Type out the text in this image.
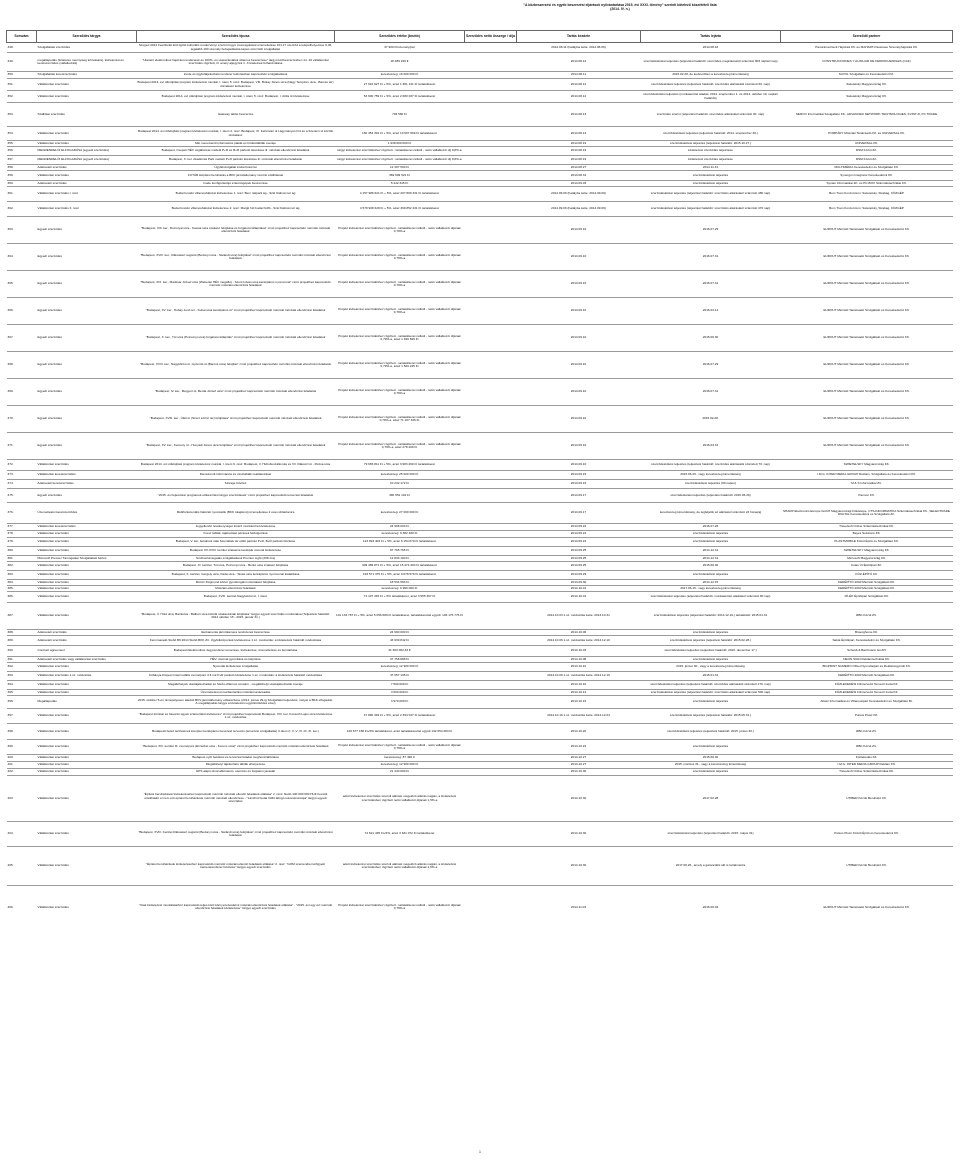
"A közbeszerzési és egyéb beszerzési eljárások nyilvántartása 2015. évi XXXI. törvény" szerinti kötelező közzétételi lista
(2014. IV. n.)
Sorszám	Szerződés tárgya	Szerződés típusa	Szerződés értéke (bruttó)	Szerződés nettó összege / díja	Tartás kezdete	Tartás lejárta	Szerződő partner
348.	Szolgáltatási szerződés	Szeged 2014 Feszttivált közrögtött kulturális rendezvényi szerinti fogyó csomagolások üzemeltetése 101,17 szerződ a telepelhelyezése 6,46, legalább 100 személy befogadására képes szerződő szolgáltatás	37 900 Ft/személy/pár		2014.08.11 (hatályba kelte: 2014.08.06)	2014.08.18	Panoráma Deck Hajózási Kft. és MAHART-Passnave Személyhajózási Kft.
349.	megállapodás (feltételes mennyiség lehívására), kivitelezési és keretszerződés (vállalkozási)	"Utastéri elektronikus hajózási rendszerek és 100% -os utasszámlálók villamos beszerzése" tárgyú közbeszerzésben 14 -16 vállalkozási szerződés rögzített, ill. amely aljegyzék 1 -3 tételeinek felhasználása	18 489 226 €		2014.08.12	szerződéskötési teljesítés (teljesítési határidő: szerződés megkötésétől számított 803 naptári nap)	CONSTRUCCIONES Y AUXILIAR DE FERROCARRILES (CAF)
350.	Szolgáltatási keretszerződés	Inode és ügyféltájékoztató rendszer tekintetében kapcsolódó szolgáltatások	keretösszeg: 16 000 000 Ft		2014.08.11	2015.02.28. de kedvezőtlen a keretösszeg kimerüléséig	M-POL Szolgáltató és Kereskedelmi Kft.
351.	Vállalkozási szerződés	Budapest 2014. évi útfelújítási program kivitelezési munkái, I. ütem 5. rész: Budapest, VIII. Bókay János utca (Nagy Templom utca - Baross tér) útszakasz kivitelezése	27 622 627 Ft + 5%, azaz 1 381 131 Ft tartalékkeret		2014.08.12	szerződéskötési teljesítés (teljesítési határidő: szerződés aláírásától számított 60. nap)	Swietelsky Magyarország Kft.
352.	Vállalkozási szerződés	Budapest 2014. évi útfelújítási program kivitelezési munkái, I. ütem 5. rész: Budapest, I. Attila út kivitelezése	53 600 759 Ft + 5%, azaz 2 680 037 Ft tartalékkeret		2014.08.12	szerződéskötési teljesítés (munkaterület átadás: 2014. szeptember 1. és 2014. október 10. naptári határidő)	Swietelsky Magyarország Kft.
353.	Szállítási szerződés	Gateway tablet beszerzés	793 560 Ft		2014.08.13	szerződés szerint (teljesítési határidő: szerződés aláírásától számított 30. nap)	SERCO Informatikai Szolgáltató Kft., ADVANCED NETWORK TECHNOLOGIES, KVINT-R, PC TRADE
354.	Vállalkozási szerződés	Budapest 2014. évi útfelújítási program kivitelezési munkái, I. ütem 2. rész: Budapest, XI. Fehérvári út Lágymányos híd és a Szerémi út közötti útszakasz	150 353 391 Ft + 5%, azaz 10 507 669 Ft tartalékkeret		2014.08.13	szerződéskötési teljesítés (teljesítési határidő: 2014. szeptember 30.)	POMPÁRY Műszaki Tanácsadó Kft. és UNIVERSAL Kft.
355.	Vállalkozási szerződés	Mét menetrendi információs plakát és hirdetőtáblák cseréje	1 938 000 000 Ft		2014.08.19	szerződéskötési teljesítés (teljesítési határidő: 2015.10.27.)	UNIVERSAL Kft.
356.	MEGRENDELŐI ELFOGADÁSA (egyedi szerződés)	Budapest, Csepeli HÉV végállomás melletti P+R és B+R parkoló létesítése ill. műszaki ellenőrzési feladatok	tárgyi kivitelezési szerződéshez rögzített - tartalékkeret nélküli - nettó vállalkozói díj 0,8%-a		2014.08.19	kivitelezési szerződés teljesítése	RSM Közút Zrt.
357.	MEGRENDELŐI ELFOGADÁSA (egyedi szerződés)	Budapest, X. ker. Akadémia Park melletti P+R parkoló létesítése ill. műszaki ellenőrzési feladatok	tárgyi kivitelezési szerződéshez rögzített - tartalékkeret nélküli - nettó vállalkozói díj 0,8%-a		2014.08.19	kivitelezési szerződés teljesítése	RSM Közút Zrt.
358.	Adásvételi szerződés	Ügyfélszolgálati irodai bútorzat	12 307 500 Ft		2014.08.27	2014.11.31	MULTIMÉDIA Kereskedelmi és Szolgáltató Kft.
359.	Vállalkozási szerződés	FUTÁR kiépítési beruházás a BKK járműállomány szerinti szállítással	369 609 521 Ft		2014.08.31	szerződéskötési teljesítés	Synergon Integrator Kereskedelmi Kft.
360.	Adásvételi szerződés	Inode konfigurációjú számítógépek beszerzése	5 442 345 Ft		2014.09.03	szerződéskötési teljesítés	Syntax Informatikai Zrt. és PC-BOX Számítástechnikai Kft.
361.	Vállalkozási szerződés I. rész	Budai fonódó villamoshálózat kivitelezése 1. rész: Bem rakparti ág - Szél Kálmán tér ág	4 157 986 621 Ft + 5%, azaz 207 899 331 Ft tartalékkeret		2014.09.09 (hatályba kelte: 2014.09.09)	szerződéskötési teljesítés (teljesítési határidő: szerződés aláírásától számított 480 nap)	Bem Tram Konzorcium: Swietelsky, Strabag, KÖZGÉP
362.	Vállalkozási szerződés II. rész	Budai fonódó villamoshálózat kivitelezése 2. rész: Margit híd budai hídfő - Szél Kálmán tér ág	4 579 908 628 Ft + 5%, azaz 390 852 431 Ft tartalékkeret		2014.09.09 (hatályba kelte: 2014.09.09)	szerződéskötési teljesítés (teljesítési határidő: szerződés aláírásától számított 470 nap)	Bem Tram Konzorcium: Swietelsky, Strabag, KÖZGÉP
363.	Egyedi szerződés	"Budapest, XIII. ker., Rozsnyai utca - Kassai utca szakasz felújítása és forgalomcsillapítása" című projekthez kapcsolódó mérnöki műszaki ellenőrzési feladatok	Projekt kivitelezési szerződéshez rögzített - tartalékkeret nélküli - nettó vállalkozói díjának 0,79%-a		2014.09.10	2016.07.29	EUROUT Mérnöki Tanácsadó Szolgáltató és Kereskedelmi Kft.
364.	Egyedi szerződés	"Budapest, XVIII. ker., Rákoskert sugárút (Bodonyi utca - Sárándi utca) felújítása" című projekthez kapcsolódó mérnöki műszaki ellenőrzési feladatok	Projekt kivitelezési szerződéshez rögzített - tartalékkeret nélküli - nettó vállalkozói díjának 0,79%-a		2014.09.10	2016.07.31	EUROUT Mérnöki Tanácsadó Szolgáltató és Kereskedelmi Kft.
365.	Egyedi szerződés	"Budapest, XIX. ker., Madzsar József utca (Wekerlei HÉV megálló) - Szent István utca kerékpáros nyomvonal" című projekthez kapcsolódó mérnöki műszaki ellenőrzési feladatok	Projekt kivitelezési szerződéshez rögzített - tartalékkeret nélküli - nettó vállalkozói díjának 0,79%-a		2014.09.10	2016.07.31	EUROUT Mérnöki Tanácsadó Szolgáltató és Kereskedelmi Kft.
366.	Egyedi szerződés	"Budapest, XV. ker., Hubay Jenő tér - Kubai utca kerékpáros út" című projekthez kapcsolódó mérnöki műszaki ellenőrzési feladatok	Projekt kivitelezési szerződéshez rögzített - tartalékkeret nélküli - nettó vállalkozói díjának 0,79%-a		2014.09.10	2016.03.14	EUROUT Mérnöki Tanácsadó Szolgáltató és Kereskedelmi Kft.
367.	Egyedi szerződés	"Budapest, X. ker., Tót utca (Pozsonyi utca) forgalomcsillapítás" című projekthez kapcsolódó mérnöki műszaki ellenőrzési feladatok	Projekt kivitelezési szerződéshez rögzített - tartalékkeret nélküli - nettó vállalkozói díjának 0,79%-a, azaz 1 499 699 Ft		2014.09.10	2015.06.30	EUROUT Mérnöki Tanácsadó Szolgáltató és Kereskedelmi Kft.
368.	Egyedi szerződés	"Budapest, XVIII. ker., Nagykőrösi út, Gyömrői út (Baross utca) felújítás" című projekthez kapcsolódó mérnöki műszaki ellenőrzési feladatok	Projekt kivitelezési szerződéshez rögzített - tartalékkeret nélküli - nettó vállalkozói díjának 0,79%-a, azaz 1 529 225 Ft		2014.09.10	2016.07.29	EUROUT Mérnöki Tanácsadó Szolgáltató és Kereskedelmi Kft.
369.	Egyedi szerződés	"Budapest, IV. ker., Megyeri út, Berda József utca" című projekthez kapcsolódó mérnöki műszaki ellenőrzési feladatok	Projekt kivitelezési szerződéshez rögzített - tartalékkeret nélküli - nettó vállalkozói díjának 0,79%-a		2014.09.10	2016.07.31	EUROUT Mérnöki Tanácsadó Szolgáltató és Kereskedelmi Kft.
370.	Egyedi szerződés	"Budapest, XVIII. ker., Üllői út (Szent Lőrinc tér) felújítása" című projekthez kapcsolódó mérnöki műszaki ellenőrzési feladatok	Projekt kivitelezési szerződéshez rögzített - tartalékkeret nélküli - nettó vállalkozói díjának 0,79%-a, azaz 71 107 345 Ft		2014.09.10	2015.02.28.	EUROUT Mérnöki Tanácsadó Szolgáltató és Kereskedelmi Kft.
371.	Egyedi szerződés	"Budapest, XV. ker., Kemény út - Hunyadi János utca felújítása" című projekthez kapcsolódó mérnöki műszaki ellenőrzési feladatok	Projekt kivitelezési szerződéshez rögzített - tartalékkeret nélküli - nettó vállalkozói díjának 0,79%-a, azaz 278 209 Ft		2014.09.10	2016.03.31	EUROUT Mérnöki Tanácsadó Szolgáltató és Kereskedelmi Kft.
372.	Vállalkozási szerződés	Budapest 2014. évi útfelújítási program kivitelezési munkái, I. ütem 6. rész: Budapest, II. Hidrobuszállomás és VII. Rákóczi út - Rózsa utca	79 665 811 Ft + 5%, azaz 3 983 290 Ft tartalékkeret		2014.09.10	szerződéskötési teljesítés (teljesítési határidő: szerződés aláírásától számított 70. nap)	SWIETELSKY Magyarország Kft.
373.	Vállalkozási keretszerződés	Menetrendi információs és vésztáblák csatlakozásai	keretösszeg: 25 000 000 Ft		2014.09.15	2015.06.26., vagy keretösszeg kimerüléséig	I.M.G. INTER MEDIA GROUP Reklám, Szolgáltató és Kereskedelmi Kft.
374.	Adásvételi keretszerződés	Storage bővítés	10 232 172 Ft		2014.09.16	szerződéskötési teljesítés (60 napon)	M & S Informatikai Zrt.
375.	Egyedi szerződés	"2015. évi fejlesztési programok előkészítési tárgyú szerződések" című projekthez kapcsolódó tervezési feladatok	390 551 101 Ft		2014.09.17	szerződéskötési teljesítés (teljesítési határidő: 2015.06.30)	Pannon Kft.
376.	Üzemeltetési keretszerződés	Multifunkcionális hálózati nyomtatók (BKK tulajdonú) üzemeltetése 2 éves időtartamra	keretösszeg: 27 000 000 Ft		2014.09.17	keretösszeg kimerüléséig, de legfeljebb az aláírástól számított 24 hónapig	SHARP Electronics Europe GmbH Magyarországi Fióktelepe, CTS-INFORMATIKA Számítástechnikai Kft., SELECTRADE DIGITAL Kereskedelmi és Szolgáltató Zrt.
377.	Vállalkozási keretszerződés	Jegyellenőri tevékenységet kísérő munkaruha kivitelezése	24 908 000 Ft		2014.09.22	2016.07.26	Travelsoft Online Számítástechnikai Kft.
378.	Vállalkozási szerződés	Kresz táblák, tájékoztató jelzések feldolgozása	keretösszeg: 9 382 480 Ft		2014.09.24	szerződéskötési teljesítés	Bayes Solutions Kft.
379.	Vállalkozási szerződés	Budapest, V. ker. belvárosi utak Szentlélek tér előtti parkoló P+R, B+R parkoló bővítése	123 093 403 Ft + 5%, azaz 6 154 670 Ft tartalékkeret		2014.09.24	szerződéskötési teljesítés	PLASTMOBILE Közút Építő és Szolgáltató Kft.
380.	Vállalkozási szerződés	Budapest XX-XXIII. kerület szakasza kerékpár útvonal kivitelezése	97 765 766 Ft		2014.09.25	2014.12.31	SWIETELSKY Magyarország Kft.
381.	Microsoft Premier Támogatási Szolgáltatási bérlés	Szoftvertámogatás szolgáltatások Premier Light (208 óra)	12 833 100 Ft		2014.09.25	2014.12.31	Microsoft Magyarország Kft.
382.	Vállalkozási szerződés	Budapest, XI. kerület, Tót utca, Pozsonyi utca - Berkó utca szakasz felújítása	309 489 871 Ft + 5%, azaz 15 474 493 Ft tartalékkeret		2014.09.25	2015.06.30	Colas Út Építőipari Zrt.
383.	Vállalkozási szerződés	Budapest, X. kerület, Gergely utca, Kada utca - Tavas utca kerékpáros nyomvonal kialakítása	193 571 375 Ft + 5%, azaz 9 678 579 Ft tartalékkeret		2014.09.29	szerződéskötési teljesítés	KÖZ-ÉPÍTŐ Kft.
384.	Vállalkozási szerződés	Móricz Zsigmond körtér gyorsforgalmi útszakasz felújítása	18 534 593 Ft		2014.09.30	2014.12.15	KERÉPÍTŐ 2000 Mérnöki Szolgáltató Kft.
385.	Vállalkozási szerződés	Műszaki ellenőrzési feladatok	keretösszeg: 9 990 000 Ft		2014.10.01	2017.06.15., vagy keretösszeg kimerüléséig	KERÉPÍTŐ 2000 Mérnöki Szolgáltató Kft.
386.	Vállalkozási szerződés	Budapest, XVIII. kerület Nagykőrösi út, I. ütem	71 107 345 Ft + 5% tartalékkeret, azaz 3 555 367 Ft		2014.10.01	szerződéskötési teljesítés (teljesítési határidő: munkaterület átadástól számított 90 nap)	JÓ-ÉP Építőipari Szolgáltató Kft.
387.	Vállalkozási szerződés	"Budapest, V. Hold utca, Bankutca - Báthori utca közötti szakaszának felújítása" tárgyú egyedi szerződés módosítása (Teljesítési határidő: 2014 október 15 - 2015. január 31.)	101 133 787 Ft + 5%, azaz 5 056 689 Ft tartalékkeret, tartalékkerettel együtt: 106 175 776 Ft		2014.10.03 1.sz. módosítás kelte: 2014.10.31	szerződéskötési teljesítés (teljesítési határidő: 2014.12.19.) tartalékidő: 2015.01.31	RBK Közút Zrt.
388.	Adásvételi szerződés	Ikerkamerás járműkamera rendszerek beszerzése	24 990 000 Ft		2014.10.06	szerződéskötési teljesítés	Bravoghome Kft.
389.	Adásvételi szerződés	Fennmaradó Stoltő B9 2014 Stoltő BKK Zrt. Ügyfélközpontok kivitelezése 1.sz. módosítás: a kivitelezési határidő módosítása	43 939 842 Ft		2014.10.06 1.sz. módosítás kelte: 2014.12.10	szerződéskötési teljesítés (teljesítési határidő: 2015.02.28.)	Sakta Építőipari, Kereskedelmi és Szolgáltató Kft.
390.	Contract agreement	Budapesti Elektronikus Jegyrendszer tervezése, kivitelezése, üzemeltetése és fenntartása	31 603 062,33 €		2014.10.03	szerződéskötési teljesítés (teljesítési határidő: 2016. december 17.)	Scheidt & Bachmann GmbH
391.	Adásvételi szerződés vagy vállalkozási szerződés	HÉV- útvonal gyorsítása és kiépítése	37 758 888 Ft		2014.10.08	szerződéskötési teljesítés	NEON SIGN Reklámtechnikai Kft.
392.	Vállalkozási szerződés	Nyomdai kivitelezési szolgáltatás	keretösszeg: 12 900 000 Ft		2014.10.10	2015. június 30., vagy a keretösszeg kimerüléséig	BIGPRINT NUMERO Offset Nyomdaipari és Reklámügynöki Kft.
393.	Vállalkozási szerződés 1.sz. módosítás	Kőbánya-Kispest Intermodális csomópont 4.6 m2 P+R parkoló kivitelezése 1.sz. módosítás: a kivitelezési határidő módosítása	47 057 135 Ft		2014.10.09 1.sz. módosítás kelte: 2014.12.10	2015.01.31	KERÉPÍTŐ 2000 Mérnöki Szolgáltató Kft.
394.	Vállalkozási szerződés	Megállóhelyek utastájékoztatási és Sőrös-villamos vonalon - megállóhelyi utastájékoztatók cseréje	7 590 000 Ft		2014.10.10	szerződéskötési teljesítés (teljesítési határidő: szerződés aláírásától számított 170. nap)	KÖZLEKEDÉSI Filmtervező Tervező Iroda Kft.
395.	Vállalkozási szerződés	Üzemeltetési és karbantartási műszaki tanácsadás	4 500 000 Ft		2014.10.14	szerződéskötési teljesítés (teljesítési határidő: szerződés aláírásától számított 500 nap)	KÖZLEKEDÉSI Filmtervező Tervező Iroda Kft.
396.	Megállapodás	2015. október 5-én ünnepélyesen átadott BKV-járműállomány előkészítése (2014. június 29-ig Szolgáltatói teljesítési, melyet a BKK elfogadott. A megállapodás tárgya a kivitelezési együttműködés elvei)	3 970 000 Ft		2014.10.15	szerződéskötési teljesítés	Atlasz Informatikai és Villamosipari Kereskedelmi és Szolgáltató Bt.
397.	Vállalkozási szerződés	"Budapest forrásai és hasonló ügyek számértékű kivitelezés" című projekthez kapcsolódó Budapest, XXI. ker. Kossuth Lajos utca kivitelezése 1.sz. módosítás	47 890 349 Ft + 5%, azaz 2 394 047 Ft tartalékkeret		2014.10.16 1.sz. módosítás kelte: 2014.12.04	szerződéskötési teljesítés (teljesítési határidő: 2015.05.31.)	Pulsus Plusz Kft.
398.	Vállalkozási szerződés	Budapesti belső területének komplex kerékpáros bevezető tervezés (tervezési szolgáltatás) II.ütem (I.,II.,V.,VI.,IX.,XI. ker.)	126 577 158 Ft+5% tartalékkeret, azaz tartalékkerettel együtt 132 654 284 Ft		2014.10.20	szerződéskötési teljesítés (teljesítési határidő: 2015. június 30.)	RBK Közút Zrt.
399.	Vállalkozási szerződés	"Budapest, XIII. kerület III. csomópont (Erzsébet utca - Ferenc utca)" című projekthez kapcsolódó mérnöki műszaki ellenőrzési feladatok	Projekt kivitelezési szerződéshez rögzített - tartalékkeret nélküli - nettó vállalkozói díjának 0,79%-a		2014.10.22	szerződéskötési teljesítés	RBK Közút Zrt.
400.	Vállalkozási szerződés	Budapest nyílt bekötési és tervezési feladat meghosszabbítása	keretösszeg: 87 490 0		2014.10.27	2015.06.30	Közlekedés Kft.
401.	Vállalkozási szerződés	Megállóhelyi tájékoztató táblák elhelyezése	keretösszeg: 12 900 000 Ft		2014.10.27	2015. március 31., vagy a keretösszeg kimerüléséig	I.M.G. INTER MEDIA GROUP Reklám Kft.
402.	Vállalkozási szerződés	GPS alapú útvonalfelmérés, elemzés és forgalom javaslat	21 440 000 Ft		2014.10.30	szerződéskötési teljesítés	Travelsoft Online Számítástechnikai Kft.
403.	Vállalkozási szerződés	"Építési beruházások kivitelezéséhez kapcsolódó mérnöki műszaki ellenőri feladatok ellátása" 2. rész: Nettó 100 000 000 HUF becsült értékhatárt el nem érő építési beruházások mérnöki műszaki ellenőrzése - "Lánchíd budai hídfő átfogó rekonstrukciója" tárgyú egyedi szerződés	adott kivitelezési szerződés szerinti aláírást megelőző aláírás napján, a kivitelezési szerződésben rögzített nettó vállalkozói díjának 1,5%-a		2014.10.30	2017.02.28	UTIBER Közúti Beruházó Kft.
404.	Vállalkozási szerződés	"Budapest, XVIII. Kerület Rákoskert sugárút (Bodonyi utca - Sárándi utca) felújítása" című projekthez kapcsolódó mérnöki műszaki ellenőrzési feladatok	72 621 435 Ft+5%, azaz 3 631 072 Ft tartalékkeret		2014.10.30	szerződéskötési teljesítés (teljesítési határidő: 2015. május 31)	Pulsus Plusz Közúti Építő és Kereskedelmi Kft.
405.	Vállalkozási szerződés	"Építési beruházások kivitelezéséhez kapcsolódó mérnöki műszaki ellenőri feladatok ellátása" 2. rész: "GOM szentendrei térfigyelő kamerarendszer bővítése" tárgyú egyedi szerződés	adott kivitelezési szerződés szerinti aláírást megelőző aláírás napján, a kivitelezési szerződésben rögzített nettó vállalkozói díjának 1,5%-a		2014.10.30	2017.06.26., amely a garanciális idő is tartalmazza	UTIBER Közúti Beruházó Kft.
406.	Vállalkozási szerződés	"Utak kivitelezési munkálataihoz kapcsolódó teljes körű környezetvédelmi műszaki ellenőrzési feladatok ellátása" - "2015. évi egy évi mérnöki ellenőrzési feladatok kivitelezése" tárgyú egyedi szerződés	Projekt kivitelezési szerződéshez rögzített - tartalékkeret nélküli - nettó vállalkozói díjának 0,79%-a		2014.11.03	2016.06.03	EUROUT Mérnöki Tanácsadó Szolgáltató és Kereskedelmi Kft.
1
